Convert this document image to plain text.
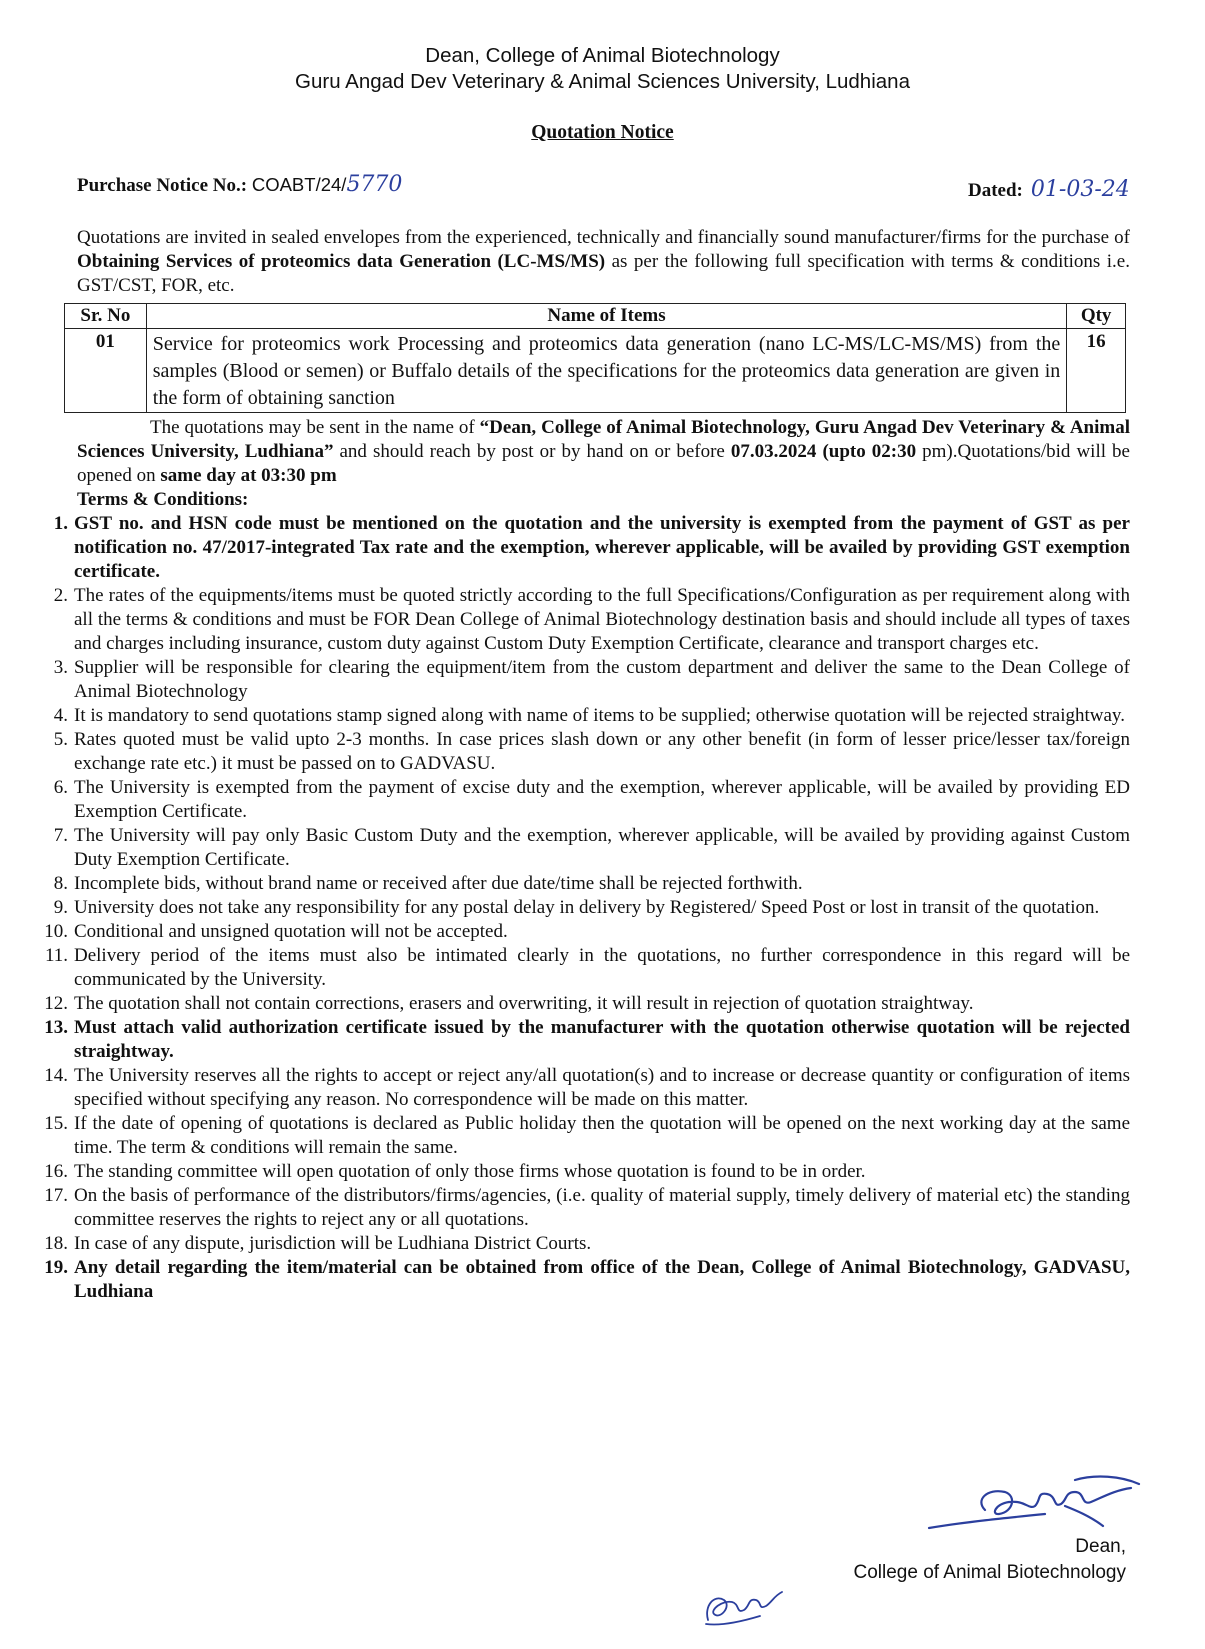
Dean, College of Animal Biotechnology
Guru Angad Dev Veterinary & Animal Sciences University, Ludhiana
Quotation Notice
Purchase Notice No.: COABT/24/5770	Dated: 01-03-24
Quotations are invited in sealed envelopes from the experienced, technically and financially sound manufacturer/firms for the purchase of Obtaining Services of proteomics data Generation (LC-MS/MS) as per the following full specification with terms & conditions i.e. GST/CST, FOR, etc.
Sr. No	Name of Items	Qty
01	Service for proteomics work Processing and proteomics data generation (nano LC-MS/LC-MS/MS) from the samples (Blood or semen) or Buffalo details of the specifications for the proteomics data generation are given in the form of obtaining sanction	16
The quotations may be sent in the name of “Dean, College of Animal Biotechnology, Guru Angad Dev Veterinary & Animal Sciences University, Ludhiana” and should reach by post or by hand on or before 07.03.2024 (upto 02:30 pm).Quotations/bid will be opened on same day at 03:30 pm
Terms & Conditions:
1. GST no. and HSN code must be mentioned on the quotation and the university is exempted from the payment of GST as per notification no. 47/2017-integrated Tax rate and the exemption, wherever applicable, will be availed by providing GST exemption certificate.
2. The rates of the equipments/items must be quoted strictly according to the full Specifications/Configuration as per requirement along with all the terms & conditions and must be FOR Dean College of Animal Biotechnology destination basis and should include all types of taxes and charges including insurance, custom duty against Custom Duty Exemption Certificate, clearance and transport charges etc.
3. Supplier will be responsible for clearing the equipment/item from the custom department and deliver the same to the Dean College of Animal Biotechnology
4. It is mandatory to send quotations stamp signed along with name of items to be supplied; otherwise quotation will be rejected straightway.
5. Rates quoted must be valid upto 2-3 months. In case prices slash down or any other benefit (in form of lesser price/lesser tax/foreign exchange rate etc.) it must be passed on to GADVASU.
6. The University is exempted from the payment of excise duty and the exemption, wherever applicable, will be availed by providing ED Exemption Certificate.
7. The University will pay only Basic Custom Duty and the exemption, wherever applicable, will be availed by providing against Custom Duty Exemption Certificate.
8. Incomplete bids, without brand name or received after due date/time shall be rejected forthwith.
9. University does not take any responsibility for any postal delay in delivery by Registered/ Speed Post or lost in transit of the quotation.
10. Conditional and unsigned quotation will not be accepted.
11. Delivery period of the items must also be intimated clearly in the quotations, no further correspondence in this regard will be communicated by the University.
12. The quotation shall not contain corrections, erasers and overwriting, it will result in rejection of quotation straightway.
13. Must attach valid authorization certificate issued by the manufacturer with the quotation otherwise quotation will be rejected straightway.
14. The University reserves all the rights to accept or reject any/all quotation(s) and to increase or decrease quantity or configuration of items specified without specifying any reason. No correspondence will be made on this matter.
15. If the date of opening of quotations is declared as Public holiday then the quotation will be opened on the next working day at the same time. The term & conditions will remain the same.
16. The standing committee will open quotation of only those firms whose quotation is found to be in order.
17. On the basis of performance of the distributors/firms/agencies, (i.e. quality of material supply, timely delivery of material etc) the standing committee reserves the rights to reject any or all quotations.
18. In case of any dispute, jurisdiction will be Ludhiana District Courts.
19. Any detail regarding the item/material can be obtained from office of the Dean, College of Animal Biotechnology, GADVASU, Ludhiana
Dean,
College of Animal Biotechnology
